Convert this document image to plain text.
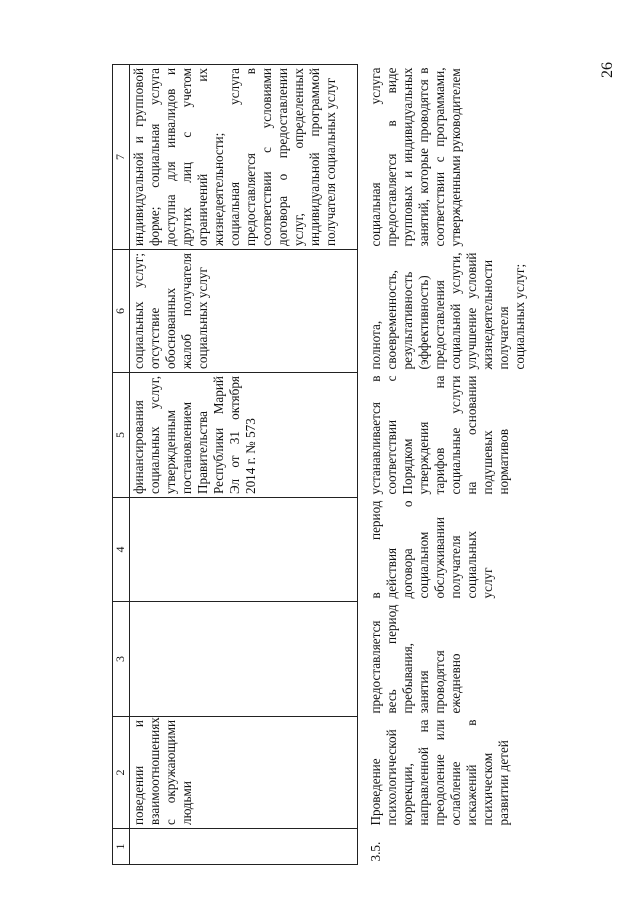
26
1	2	3	4	5	6	7
	поведении и взаимоотношениях с окружающими людьми			финансирования социальных услуг, утвержденным постановлением Правительства Республики Марий Эл от 31 октября 2014 г. № 573	социальных услуг; отсутствие обоснованных жалоб получателя социальных услуг	индивидуальной и групповой форме; социальная услуга доступна для инвалидов и других лиц с учетом ограничений их жизнедеятельности; социальная услуга предоставляется в соответствии с условиями договора о предоставлении услуг, определенных индивидуальной программой получателя социальных услуг
3.5.	Проведение психологической коррекции, направленной на преодоление или ослабление искажений в психическом развитии детей	предоставляется весь период пребывания, занятия проводятся ежедневно	в период действия договора о социальном обслуживании получателя социальных услуг	устанавливается в соответствии с Порядком утверждения тарифов на социальные услуги на основании подушевых нормативов	полнота, своевременность, результативность (эффективность) предоставления социальной услуги, улучшение условий жизнедеятельности получателя социальных услуг;	социальная услуга предоставляется в виде групповых и индивидуальных занятий, которые проводятся в соответствии с программами, утвержденными руководителем
